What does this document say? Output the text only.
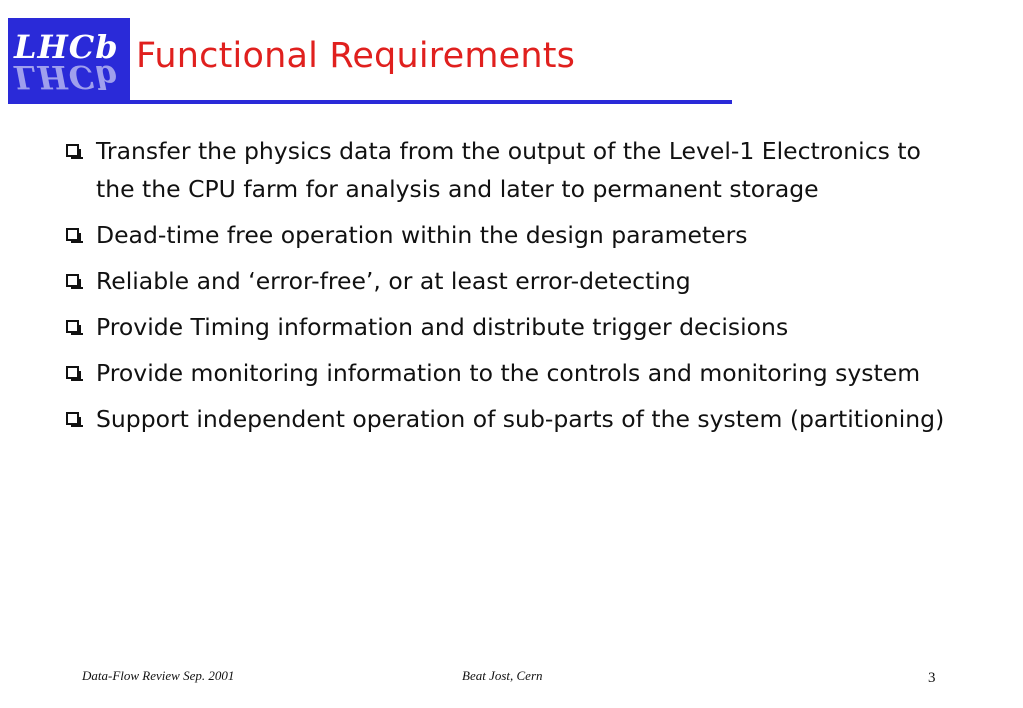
LHCb
LHCb
Functional Requirements
Transfer the physics data from the output of the Level-1 Electronics to the the CPU farm for analysis and later to permanent storage
Dead-time free operation within the design parameters
Reliable and ‘error-free’, or at least error-detecting
Provide Timing information and distribute trigger decisions
Provide monitoring information to the controls and monitoring system
Support independent operation of sub-parts of the system (partitioning)
Data-Flow Review Sep. 2001	Beat Jost, Cern	3
